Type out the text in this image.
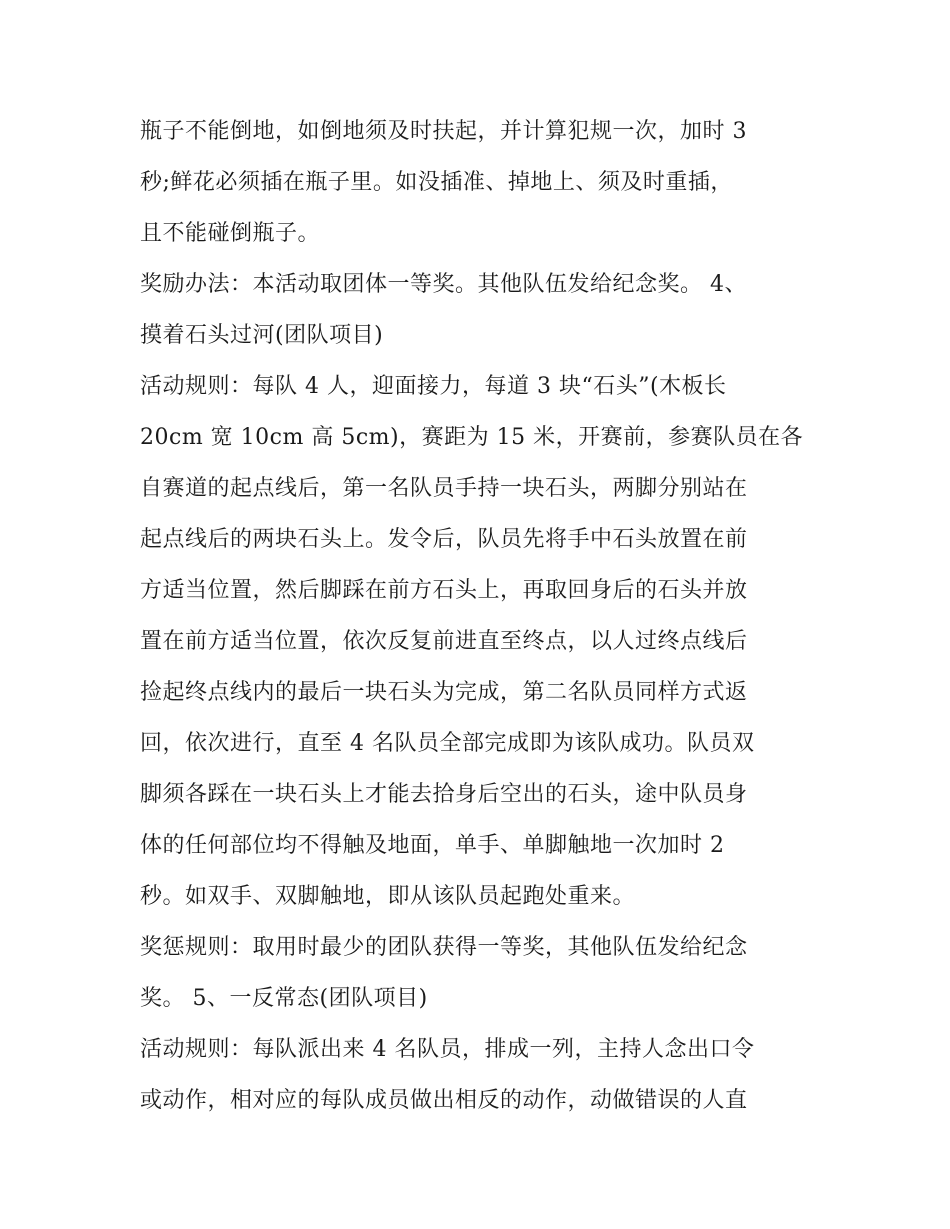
瓶子不能倒地，如倒地须及时扶起，并计算犯规一次，加时 3
秒;鲜花必须插在瓶子里。如没插准、掉地上、须及时重插，
且不能碰倒瓶子。
奖励办法：本活动取团体一等奖。其他队伍发给纪念奖。 4、
摸着石头过河(团队项目)
活动规则：每队 4 人，迎面接力，每道 3 块“石头”(木板长
20cm 宽 10cm 高 5cm)，赛距为 15 米，开赛前，参赛队员在各
自赛道的起点线后，第一名队员手持一块石头，两脚分别站在
起点线后的两块石头上。发令后，队员先将手中石头放置在前
方适当位置，然后脚踩在前方石头上，再取回身后的石头并放
置在前方适当位置，依次反复前进直至终点，以人过终点线后
捡起终点线内的最后一块石头为完成，第二名队员同样方式返
回，依次进行，直至 4 名队员全部完成即为该队成功。队员双
脚须各踩在一块石头上才能去拾身后空出的石头，途中队员身
体的任何部位均不得触及地面，单手、单脚触地一次加时 2
秒。如双手、双脚触地，即从该队员起跑处重来。
奖惩规则：取用时最少的团队获得一等奖，其他队伍发给纪念
奖。 5、一反常态(团队项目)
活动规则：每队派出来 4 名队员，排成一列，主持人念出口令
或动作，相对应的每队成员做出相反的动作，动做错误的人直
